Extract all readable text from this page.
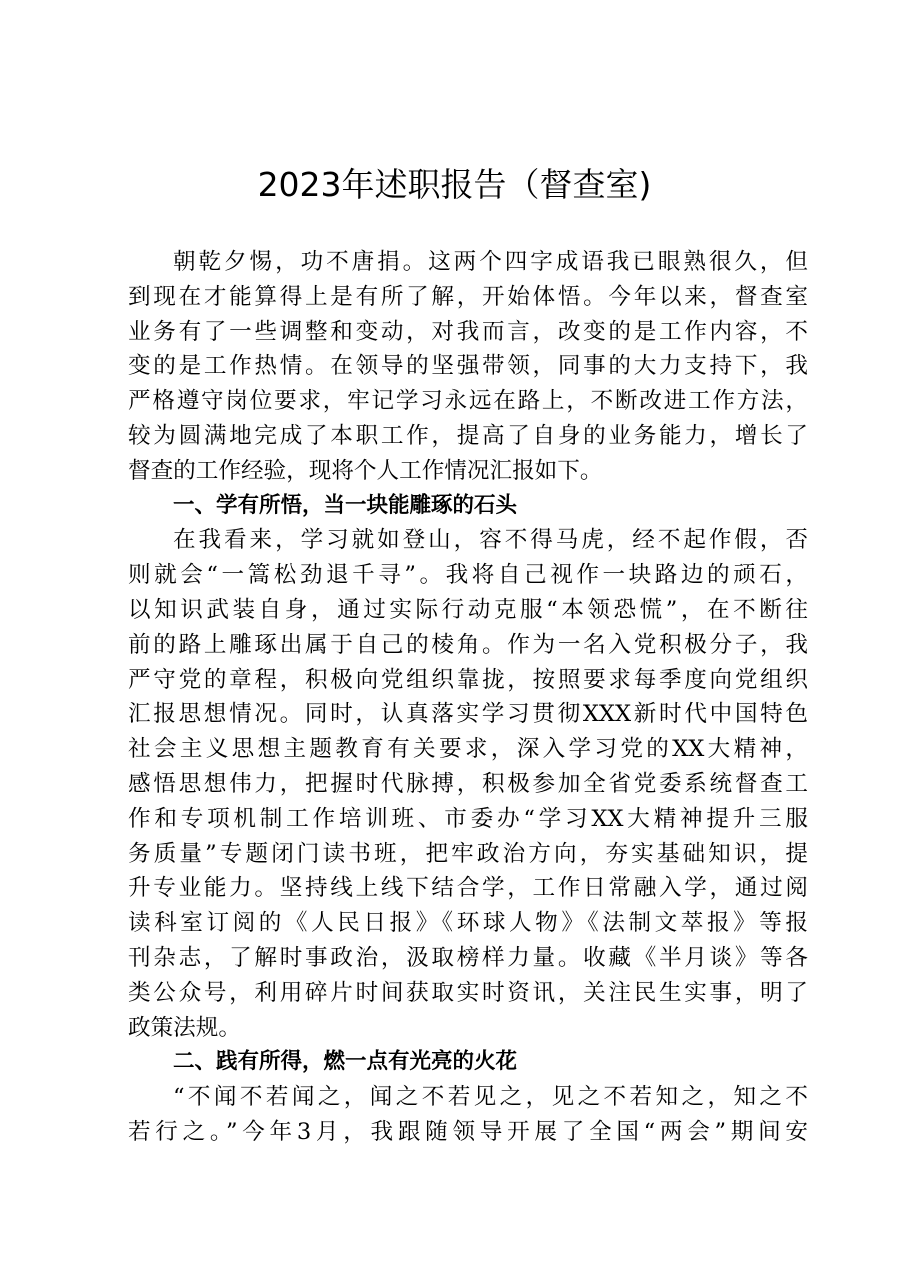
2023年述职报告（督查室)
朝乾夕惕，功不唐捐。这两个四字成语我已眼熟很久，但
到现在才能算得上是有所了解，开始体悟。今年以来，督查室
业务有了一些调整和变动，对我而言，改变的是工作内容，不
变的是工作热情。在领导的坚强带领，同事的大力支持下，我
严格遵守岗位要求，牢记学习永远在路上，不断改进工作方法，
较为圆满地完成了本职工作，提高了自身的业务能力，增长了
督查的工作经验，现将个人工作情况汇报如下。
一、学有所悟，当一块能雕琢的石头
在我看来，学习就如登山，容不得马虎，经不起作假，否
则就会“一篙松劲退千寻”。我将自己视作一块路边的顽石，
以知识武装自身，通过实际行动克服“本领恐慌”，在不断往
前的路上雕琢出属于自己的棱角。作为一名入党积极分子，我
严守党的章程，积极向党组织靠拢，按照要求每季度向党组织
汇报思想情况。同时，认真落实学习贯彻XXX新时代中国特色
社会主义思想主题教育有关要求，深入学习党的XX大精神，
感悟思想伟力，把握时代脉搏，积极参加全省党委系统督查工
作和专项机制工作培训班、市委办“学习XX大精神提升三服
务质量”专题闭门读书班，把牢政治方向，夯实基础知识，提
升专业能力。坚持线上线下结合学，工作日常融入学，通过阅
读科室订阅的《人民日报》《环球人物》《法制文萃报》等报
刊杂志，了解时事政治，汲取榜样力量。收藏《半月谈》等各
类公众号，利用碎片时间获取实时资讯，关注民生实事，明了
政策法规。
二、践有所得，燃一点有光亮的火花
“不闻不若闻之，闻之不若见之，见之不若知之，知之不
若行之。”今年3月，我跟随领导开展了全国“两会”期间安
